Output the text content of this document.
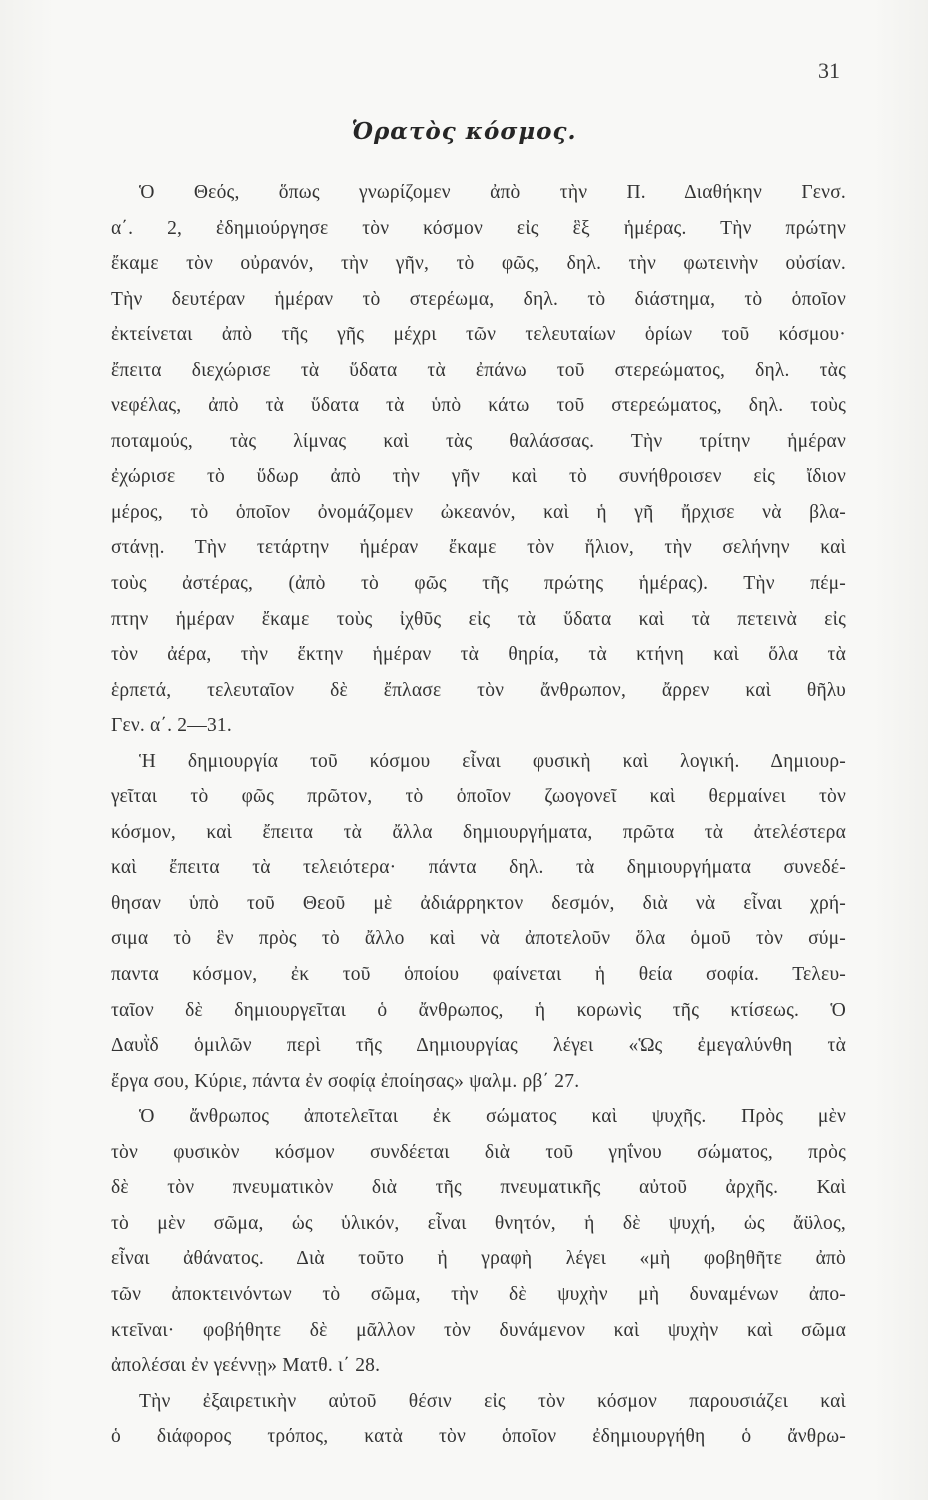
31
Ὁρατὸς κόσμος.
Ὁ Θεός, ὅπως γνωρίζομεν ἀπὸ τὴν Π. Διαθήκην Γενσ.
α΄. 2, ἐδημιούργησε τὸν κόσμον εἰς ἓξ ἡμέρας. Τὴν πρώτην
ἔκαμε τὸν οὐρανόν, τὴν γῆν, τὸ φῶς, δηλ. τὴν φωτεινὴν οὐσίαν.
Τὴν δευτέραν ἡμέραν τὸ στερέωμα, δηλ. τὸ διάστημα, τὸ ὁποῖον
ἐκτείνεται ἀπὸ τῆς γῆς μέχρι τῶν τελευταίων ὁρίων τοῦ κόσμου·
ἔπειτα διεχώρισε τὰ ὕδατα τὰ ἐπάνω τοῦ στερεώματος, δηλ. τὰς
νεφέλας, ἀπὸ τὰ ὕδατα τὰ ὑπὸ κάτω τοῦ στερεώματος, δηλ. τοὺς
ποταμούς, τὰς λίμνας καὶ τὰς θαλάσσας. Τὴν τρίτην ἡμέραν
ἐχώρισε τὸ ὕδωρ ἀπὸ τὴν γῆν καὶ τὸ συνήθροισεν εἰς ἴδιον
μέρος, τὸ ὁποῖον ὀνομάζομεν ὠκεανόν, καὶ ἡ γῆ ἤρχισε νὰ βλα-
στάνῃ. Τὴν τετάρτην ἡμέραν ἔκαμε τὸν ἥλιον, τὴν σελήνην καὶ
τοὺς ἀστέρας, (ἀπὸ τὸ φῶς τῆς πρώτης ἡμέρας). Τὴν πέμ-
πτην ἡμέραν ἔκαμε τοὺς ἰχθῦς εἰς τὰ ὕδατα καὶ τὰ πετεινὰ εἰς
τὸν ἀέρα, τὴν ἕκτην ἡμέραν τὰ θηρία, τὰ κτήνη καὶ ὅλα τὰ
ἑρπετά, τελευταῖον δὲ ἔπλασε τὸν ἄνθρωπον, ἄρρεν καὶ θῆλυ
Γεν. α΄. 2—31.
Ἡ δημιουργία τοῦ κόσμου εἶναι φυσικὴ καὶ λογική. Δημιουρ-
γεῖται τὸ φῶς πρῶτον, τὸ ὁποῖον ζωογονεῖ καὶ θερμαίνει τὸν
κόσμον, καὶ ἔπειτα τὰ ἄλλα δημιουργήματα, πρῶτα τὰ ἀτελέστερα
καὶ ἔπειτα τὰ τελειότερα· πάντα δηλ. τὰ δημιουργήματα συνεδέ-
θησαν ὑπὸ τοῦ Θεοῦ μὲ ἀδιάρρηκτον δεσμόν, διὰ νὰ εἶναι χρή-
σιμα τὸ ἓν πρὸς τὸ ἄλλο καὶ νὰ ἀποτελοῦν ὅλα ὁμοῦ τὸν σύμ-
παντα κόσμον, ἐκ τοῦ ὁποίου φαίνεται ἡ θεία σοφία. Τελευ-
ταῖον δὲ δημιουργεῖται ὁ ἄνθρωπος, ἡ κορωνὶς τῆς κτίσεως. Ὁ
Δαυῒδ ὁμιλῶν περὶ τῆς Δημιουργίας λέγει «Ὡς ἐμεγαλύνθη τὰ
ἔργα σου, Κύριε, πάντα ἐν σοφίᾳ ἐποίησας» ψαλμ. ρβ΄ 27.
Ὁ ἄνθρωπος ἀποτελεῖται ἐκ σώματος καὶ ψυχῆς. Πρὸς μὲν
τὸν φυσικὸν κόσμον συνδέεται διὰ τοῦ γηΐνου σώματος, πρὸς
δὲ τὸν πνευματικὸν διὰ τῆς πνευματικῆς αὐτοῦ ἀρχῆς. Καὶ
τὸ μὲν σῶμα, ὡς ὑλικόν, εἶναι θνητόν, ἡ δὲ ψυχή, ὡς ἄϋλος,
εἶναι ἀθάνατος. Διὰ τοῦτο ἡ γραφὴ λέγει «μὴ φοβηθῆτε ἀπὸ
τῶν ἀποκτεινόντων τὸ σῶμα, τὴν δὲ ψυχὴν μὴ δυναμένων ἀπο-
κτεῖναι· φοβήθητε δὲ μᾶλλον τὸν δυνάμενον καὶ ψυχὴν καὶ σῶμα
ἀπολέσαι ἐν γεέννῃ» Ματθ. ι΄ 28.
Τὴν ἐξαιρετικὴν αὐτοῦ θέσιν εἰς τὸν κόσμον παρουσιάζει καὶ
ὁ διάφορος τρόπος, κατὰ τὸν ὁποῖον ἐδημιουργήθη ὁ ἄνθρω-
